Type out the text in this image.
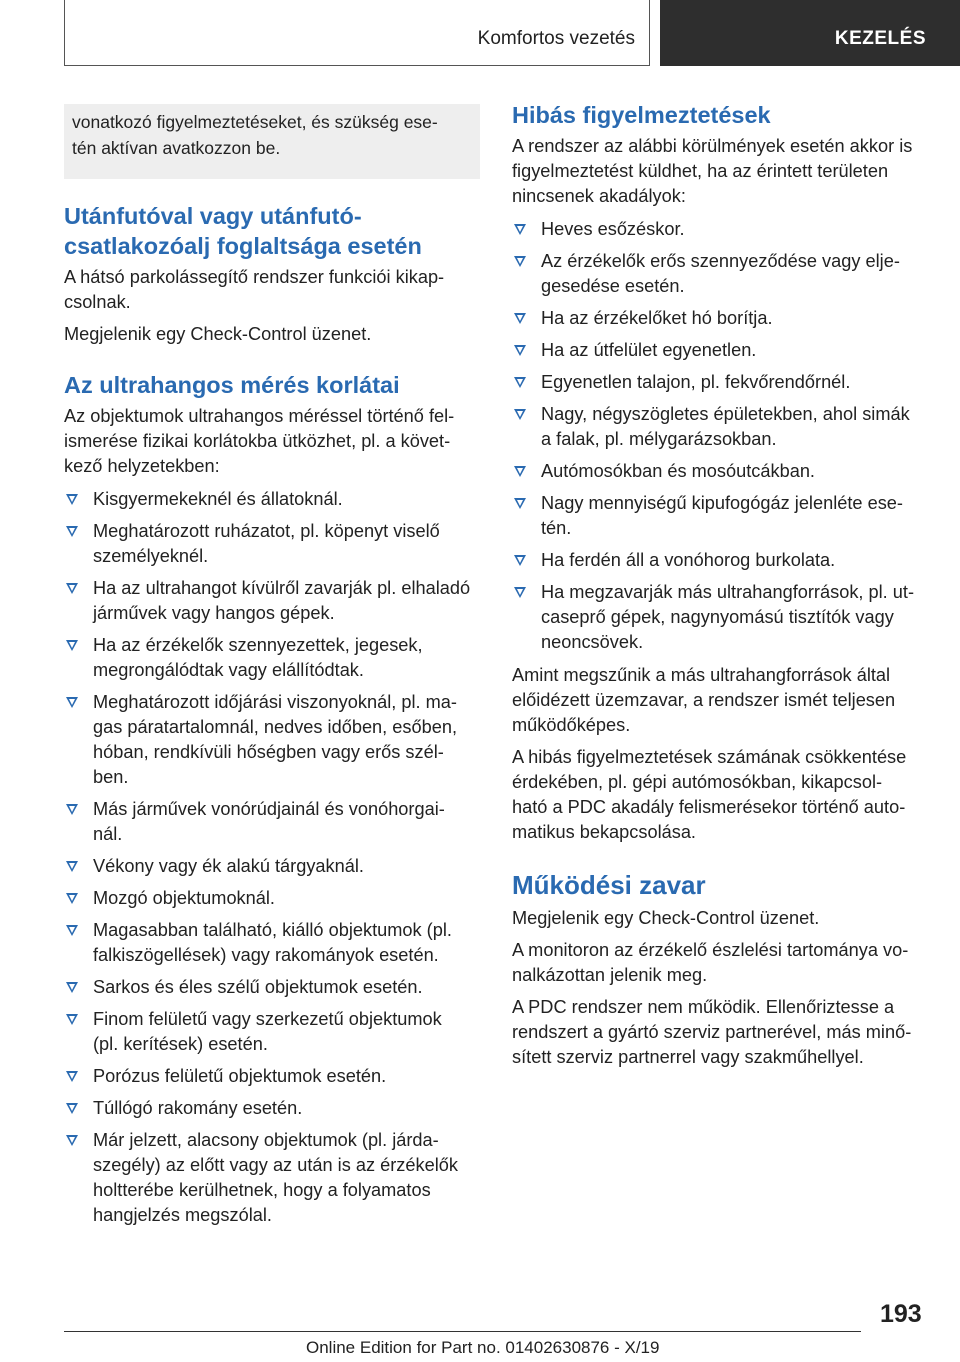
Komfortos vezetés	KEZELÉS

vonatkozó figyelmeztetéseket, és szükség ese-
tén aktívan avatkozzon be.

Utánfutóval vagy utánfutó-
csatlakozóalj foglaltsága esetén

A hátsó parkolássegítő rendszer funkciói kikap-
csolnak.

Megjelenik egy Check-Control üzenet.

Az ultrahangos mérés korlátai

Az objektumok ultrahangos méréssel történő fel-
ismerése fizikai korlátokba ütközhet, pl. a követ-
kező helyzetekben:

Kisgyermekeknél és állatoknál.
Meghatározott ruházatot, pl. köpenyt viselő
személyeknél.
Ha az ultrahangot kívülről zavarják pl. elhaladó
járművek vagy hangos gépek.
Ha az érzékelők szennyezettek, jegesek,
megrongálódtak vagy elállítódtak.
Meghatározott időjárási viszonyoknál, pl. ma-
gas páratartalomnál, nedves időben, esőben,
hóban, rendkívüli hőségben vagy erős szél-
ben.
Más járművek vonórúdjainál és vonóhorgai-
nál.
Vékony vagy ék alakú tárgyaknál.
Mozgó objektumoknál.
Magasabban található, kiálló objektumok (pl.
falkiszögellések) vagy rakományok esetén.
Sarkos és éles szélű objektumok esetén.
Finom felületű vagy szerkezetű objektumok
(pl. kerítések) esetén.
Porózus felületű objektumok esetén.
Túllógó rakomány esetén.
Már jelzett, alacsony objektumok (pl. járda-
szegély) az előtt vagy az után is az érzékelők
holtterébe kerülhetnek, hogy a folyamatos
hangjelzés megszólal.
Hibás figyelmeztetések

A rendszer az alábbi körülmények esetén akkor is
figyelmeztetést küldhet, ha az érintett területen
nincsenek akadályok:

Heves esőzéskor.
Az érzékelők erős szennyeződése vagy elje-
gesedése esetén.
Ha az érzékelőket hó borítja.
Ha az útfelület egyenetlen.
Egyenetlen talajon, pl. fekvőrendőrnél.
Nagy, négyszögletes épületekben, ahol simák
a falak, pl. mélygarázsokban.
Autómosókban és mosóutcákban.
Nagy mennyiségű kipufogógáz jelenléte ese-
tén.
Ha ferdén áll a vonóhorog burkolata.
Ha megzavarják más ultrahangforrások, pl. ut-
caseprő gépek, nagynyomású tisztítók vagy
neoncsövek.

Amint megszűnik a más ultrahangforrások által
előidézett üzemzavar, a rendszer ismét teljesen
működőképes.

A hibás figyelmeztetések számának csökkentése
érdekében, pl. gépi autómosókban, kikapcsol-
ható a PDC akadály felismerésekor történő auto-
matikus bekapcsolása.

Működési zavar

Megjelenik egy Check-Control üzenet.

A monitoron az érzékelő észlelési tartománya vo-
nalkázottan jelenik meg.

A PDC rendszer nem működik. Ellenőriztesse a
rendszert a gyártó szerviz partnerével, más minő-
sített szerviz partnerrel vagy szakműhellyel.

193
Online Edition for Part no. 01402630876 - X/19
